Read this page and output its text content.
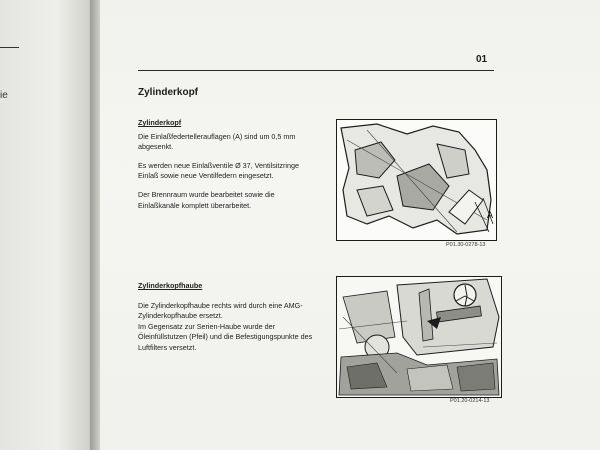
ie
01
Zylinderkopf
Zylinderkopf

Die Einlaßfedertellerauflagen (A) sind um 0,5 mm abgesenkt.

Es werden neue Einlaßventile Ø 37, Ventilsitzringe Einlaß sowie neue Ventilfedern eingesetzt.

Der Brennraum wurde bearbeitet sowie die Einlaßkanäle komplett überarbeitet.

A
P01.30-0278-13
Zylinderkopfhaube

Die Zylinderkopfhaube rechts wird durch eine AMG-Zylinderkopfhaube ersetzt.

Im Gegensatz zur Serien-Haube wurde der Öleinfüllstutzen (Pfeil) und die Befestigungspunkte des Luftfilters versetzt.

P01.20-0214-13
